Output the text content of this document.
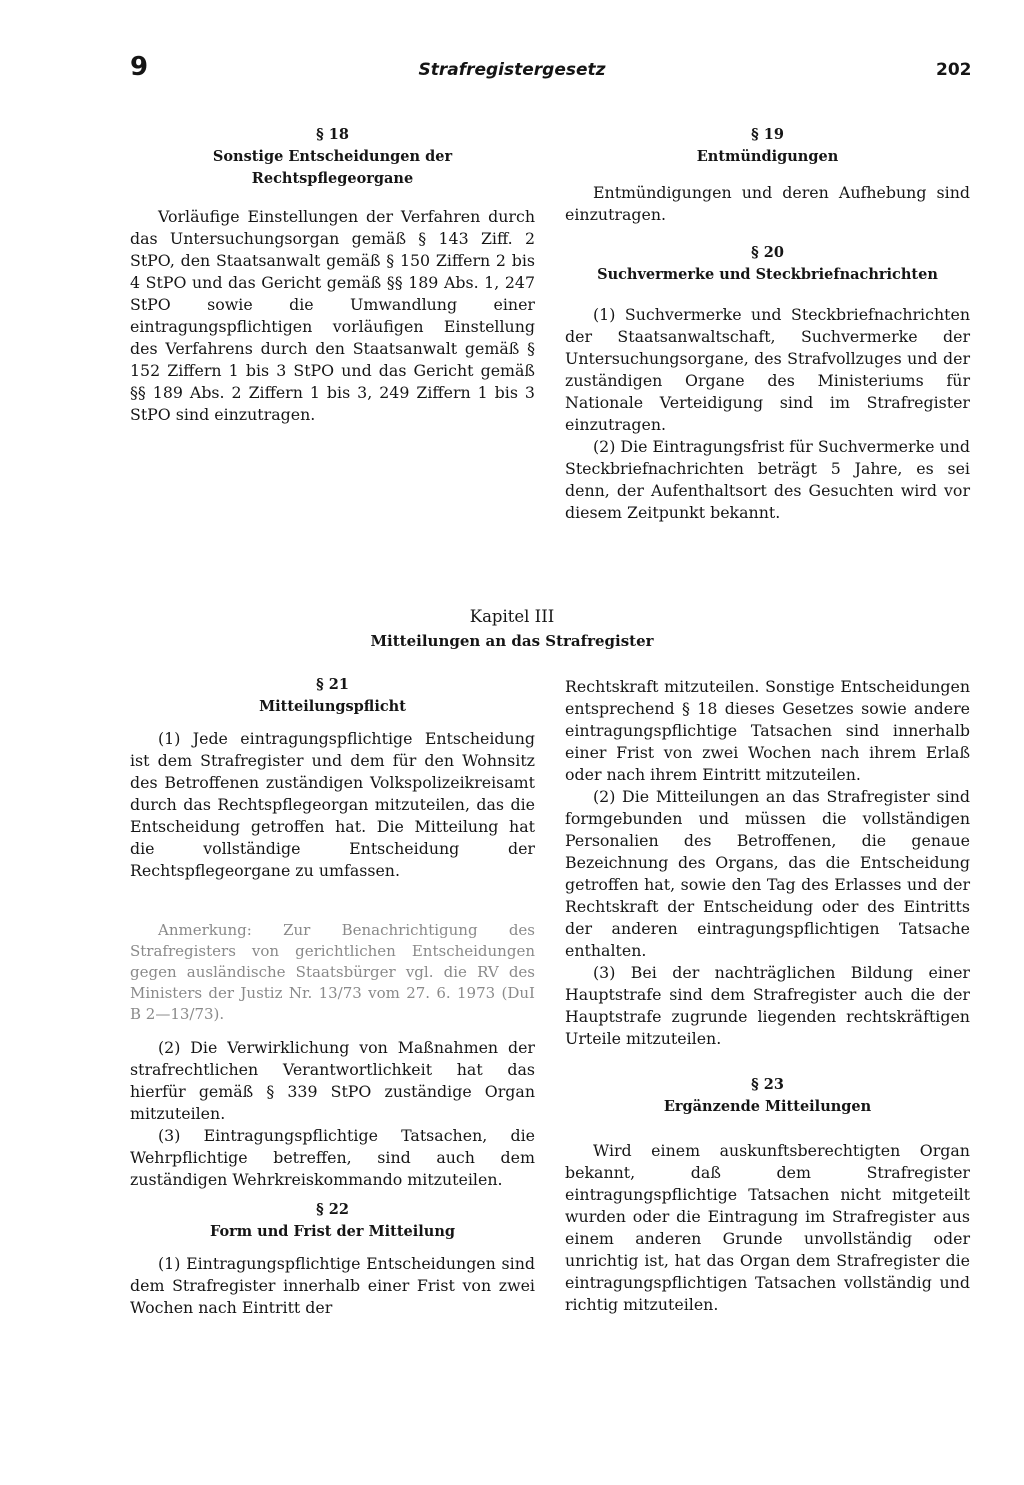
9	Strafregistergesetz	202

§ 18

Sonstige Entscheidungen der

Rechtspflegeorgane

Vorläufige Einstellungen der Verfahren durch das Untersuchungsorgan gemäß § 143 Ziff. 2 StPO, den Staatsanwalt gemäß § 150 Ziffern 2 bis 4 StPO und das Gericht gemäß §§ 189 Abs. 1, 247 StPO sowie die Umwandlung einer eintragungspflichtigen vorläufigen Einstellung des Verfahrens durch den Staatsanwalt gemäß § 152 Ziffern 1 bis 3 StPO und das Gericht gemäß §§ 189 Abs. 2 Ziffern 1 bis 3, 249 Ziffern 1 bis 3 StPO sind einzutragen.

§ 19

Entmündigungen

Entmündigungen und deren Aufhebung sind einzutragen.

§ 20

Suchvermerke und Steckbriefnachrichten

(1) Suchvermerke und Steckbriefnachrichten der Staatsanwaltschaft, Suchvermerke der Untersuchungsorgane, des Strafvollzuges und der zuständigen Organe des Ministeriums für Nationale Verteidigung sind im Strafregister einzutragen.

(2) Die Eintragungsfrist für Suchvermerke und Steckbriefnachrichten beträgt 5 Jahre, es sei denn, der Aufenthaltsort des Gesuchten wird vor diesem Zeitpunkt bekannt.

Kapitel III

Mitteilungen an das Strafregister

§ 21

Mitteilungspflicht

(1) Jede eintragungspflichtige Entscheidung ist dem Strafregister und dem für den Wohnsitz des Betroffenen zuständigen Volkspolizeikreisamt durch das Rechtspflegeorgan mitzuteilen, das die Entscheidung getroffen hat. Die Mitteilung hat die vollständige Entscheidung der Rechtspflegeorgane zu umfassen.

Anmerkung: Zur Benachrichtigung des Strafregisters von gerichtlichen Entscheidungen gegen ausländische Staatsbürger vgl. die RV des Ministers der Justiz Nr. 13/73 vom 27. 6. 1973 (DuI B 2—13/73).

(2) Die Verwirklichung von Maßnahmen der strafrechtlichen Verantwortlichkeit hat das hierfür gemäß § 339 StPO zuständige Organ mitzuteilen.

(3) Eintragungspflichtige Tatsachen, die Wehrpflichtige betreffen, sind auch dem zuständigen Wehrkreiskommando mitzuteilen.

§ 22

Form und Frist der Mitteilung

(1) Eintragungspflichtige Entscheidungen sind dem Strafregister innerhalb einer Frist von zwei Wochen nach Eintritt der

Rechtskraft mitzuteilen. Sonstige Entscheidungen entsprechend § 18 dieses Gesetzes sowie andere eintragungspflichtige Tatsachen sind innerhalb einer Frist von zwei Wochen nach ihrem Erlaß oder nach ihrem Eintritt mitzuteilen.

(2) Die Mitteilungen an das Strafregister sind formgebunden und müssen die vollständigen Personalien des Betroffenen, die genaue Bezeichnung des Organs, das die Entscheidung getroffen hat, sowie den Tag des Erlasses und der Rechtskraft der Entscheidung oder des Eintritts der anderen eintragungspflichtigen Tatsache enthalten.

(3) Bei der nachträglichen Bildung einer Hauptstrafe sind dem Strafregister auch die der Hauptstrafe zugrunde liegenden rechtskräftigen Urteile mitzuteilen.

§ 23

Ergänzende Mitteilungen

Wird einem auskunftsberechtigten Organ bekannt, daß dem Strafregister eintragungspflichtige Tatsachen nicht mitgeteilt wurden oder die Eintragung im Strafregister aus einem anderen Grunde unvollständig oder unrichtig ist, hat das Organ dem Strafregister die eintragungspflichtigen Tatsachen vollständig und richtig mitzuteilen.
